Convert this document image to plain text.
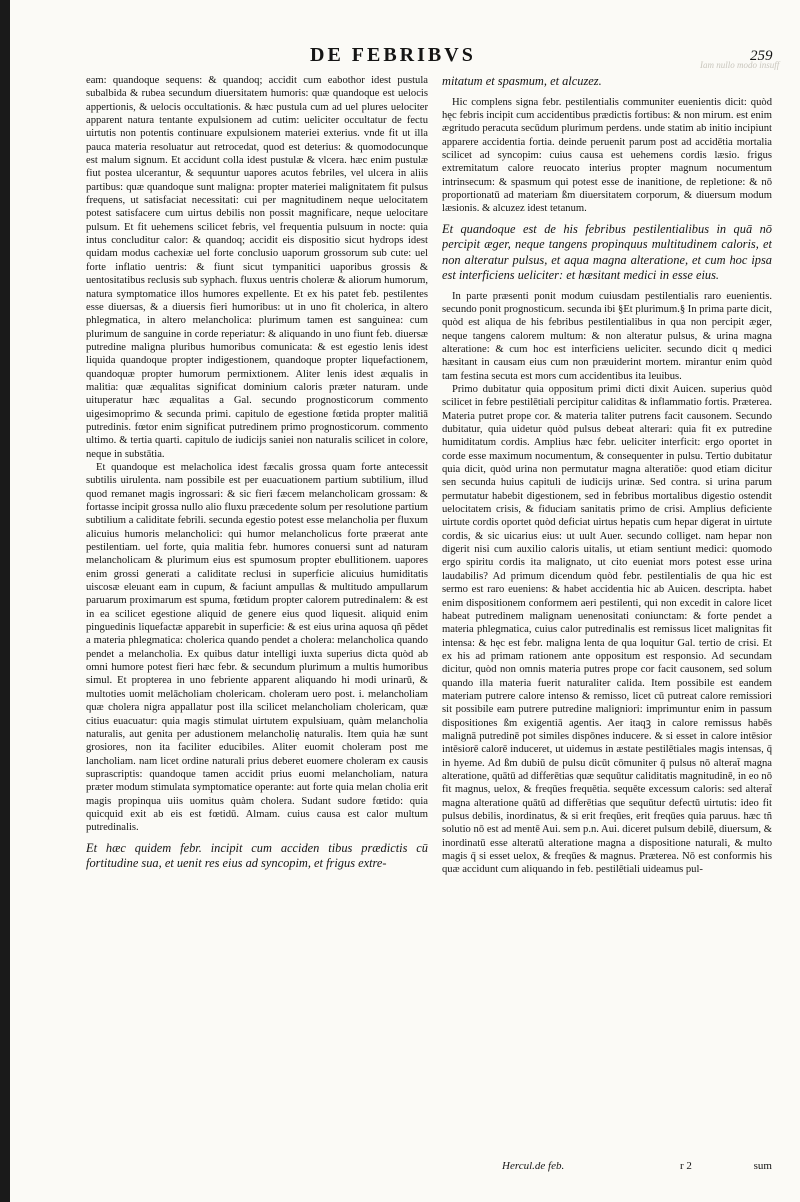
Iam nullo modo insuff
DE FEBRIBVS	259

eam: quandoque sequens: & quandoq; accidit cum eabothor idest pustula subalbida & rubea secundum diuersitatem humoris: quæ quandoque est uelocis appertionis, & uelocis occultationis. & hæc pustula cum ad uel plures uelociter apparent natura tentante expulsionem ad cutim: ueliciter occultatur de fectu uirtutis non potentis continuare expulsionem materiei exterius. vnde fit ut illa pauca materia resoluatur aut retrocedat, quod est deterius: & quomodocunque est malum signum. Et accidunt colla idest pustulæ & vlcera. hæc enim pustulæ fiut postea ulcerantur, & sequuntur uapores acutos febriles, vel ulcera in aliis partibus: quæ quandoque sunt maligna: propter materiei malignitatem fit pulsus frequens, ut satisfaciat necessitati: cui per magnitudinem neque uelocitatem potest satisfacere cum uirtus debilis non possit magnificare, neque uelocitare pulsum. Et fit uehemens scilicet febris, vel frequentia pulsuum in nocte: quia intus concluditur calor: & quandoq; accidit eis dispositio sicut hydrops idest quidam modus cachexiæ uel forte conclusio uaporum grossorum sub cute: uel forte inflatio uentris: & fiunt sicut tympanitici uaporibus grossis & uentositatibus reclusis sub syphach. fluxus uentris choleræ & aliorum humorum, natura symptomatice illos humores expellente. Et ex his patet feb. pestilentes esse diuersas, & a diuersis fieri humoribus: ut in uno fit cholerica, in altero phlegmatica, in altero melancholica: plurimum tamen est sanguinea: cum plurimum de sanguine in corde reperiatur: & aliquando in uno fiunt feb. diuersæ putredine maligna pluribus humoribus comunicata: & est egestio lenis idest liquida quandoque propter indigestionem, quandoque propter liquefactionem, quandoquæ propter humorum permixtionem. Aliter lenis idest æqualis in malitia: quæ æqualitas significat dominium caloris præter naturam. unde uituperatur hæc æqualitas a Gal. secundo prognosticorum commento uigesimoprimo & secunda primi. capitulo de egestione fœtida propter malitiā putredinis. fœtor enim significat putredinem primo prognosticorum. commento ultimo. & tertia quarti. capitulo de iudicijs saniei non naturalis scilicet in colore, neque in substātia.

Et quandoque est melacholica idest fæcalis grossa quam forte antecessit subtilis uirulenta. nam possibile est per euacuationem partium subtilium, illud quod remanet magis ingrossari: & sic fieri fæcem melancholicam grossam: & fortasse incipit grossa nullo alio fluxu præcedente solum per resolutione partium subtilium a caliditate febrili. secunda egestio potest esse melancholia per fluxum alicuius humoris melancholici: qui humor melancholicus forte præerat ante pestilentiam. uel forte, quia malitia febr. humores conuersi sunt ad naturam melancholicam & plurimum eius est spumosum propter ebullitionem. uapores enim grossi generati a caliditate reclusi in superficie alicuius humiditatis uiscosæ eleuant eam in cupum, & faciunt ampullas & multitudo ampullarum paruarum proximarum est spuma, fœtidum propter calorem putredinalem: & est in ea scilicet egestione aliquid de genere eius quod liquesit. aliquid enim pinguedinis liquefactæ apparebit in superficie: & est eius urina aquosa qñ pēdet a materia phlegmatica: cholerica quando pendet a cholera: melancholica quando pendet a melancholia. Ex quibus datur intelligi iuxta superius dicta quòd ab omni humore potest fieri hæc febr. & secundum plurimum a multis humoribus simul. Et propterea in uno febriente apparent aliquando hi modi urinarū, & multoties uomit melācholiam cholericam. choleram uero post. i. melancholiam quæ cholera nigra appallatur post illa scilicet melancholiam cholericam, quæ citius euacuatur: quia magis stimulat uirtutem expulsiuam, quàm melancholia naturalis, aut genita per adustionem melancholię naturalis. Item quia hæ sunt grosiores, non ita faciliter educibiles. Aliter euomit choleram post me lancholiam. nam licet ordine naturali prius deberet euomere choleram ex causis suprascriptis: quandoque tamen accidit prius euomi melancholiam, natura præter modum stimulata symptomatice operante: aut forte quia melan cholia erit magis propinqua uiis uomitus quàm cholera. Sudant sudore fœtido: quia quicquid exit ab eis est fœtidū. Almam. cuius causa est calor multum putredinalis.

Et hæc quidem febr. incipit cum acciden tibus prædictis cū fortitudine sua, et uenit res eius ad syncopim, et frigus extre-

mitatum et spasmum, et alcuzez.

Hic complens signa febr. pestilentialis communiter euenientis dicit: quòd hęc febris incipit cum accidentibus prædictis fortibus: & non mirum. est enim ægritudo peracuta secūdum plurimum perdens. unde statim ab initio incipiunt apparere accidentia fortia. deinde peruenit parum post ad accidētia mortalia scilicet ad syncopim: cuius causa est uehemens cordis læsio. frigus extremitatum calore reuocato interius propter magnum nocumentum intrinsecum: & spasmum qui potest esse de inanitione, de repletione: & nō proportionatū ad materiam ßm diuersitatem corporum, & diuersum modum læsionis. & alcuzez idest tetanum.

Et quandoque est de his febribus pestilentialibus in quā nō percipit æger, neque tangens propinquus multitudinem caloris, et non alteratur pulsus, et aqua magna alteratione, et cum hoc ipsa est interficiens ueliciter: et hæsitant medici in esse eius.

In parte præsenti ponit modum cuiusdam pestilentialis raro euenientis. secundo ponit prognosticum. secunda ibi §Et plurimum.§ In prima parte dicit, quòd est aliqua de his febribus pestilentialibus in qua non percipit æger, neque tangens calorem multum: & non alteratur pulsus, & urina magna alteratione: & cum hoc est interficiens ueliciter. secundo dicit q medici hæsitant in causam eius cum non præuiderint mortem. mirantur enim quòd tam festina secuta est mors cum accidentibus ita leuibus.

Primo dubitatur quia oppositum primi dicti dixit Auicen. superius quòd scilicet in febre pestilētiali percipitur caliditas & inflammatio fortis. Præterea. Materia putret prope cor. & materia taliter putrens facit causonem. Secundo dubitatur, quia uidetur quòd pulsus debeat alterari: quia fit ex putredine humiditatum cordis. Amplius hæc febr. ueliciter interficit: ergo oportet in corde esse maximum nocumentum, & consequenter in pulsu. Tertio dubitatur quia dicit, quòd urina non permutatur magna alteratiōe: quod etiam dicitur sen secunda huius capituli de iudicijs urinæ. Sed contra. si urina parum permutatur habebit digestionem, sed in febribus mortalibus digestio ostendit uelocitatem crisis, & fiduciam sanitatis primo de crisi. Amplius deficiente uirtute cordis oportet quòd deficiat uirtus hepatis cum hepar digerat in uirtute cordis, & sic uicarius eius: ut uult Auer. secundo colliget. nam hepar non digerit nisi cum auxilio caloris uitalis, ut etiam sentiunt medici: quomodo ergo spiritu cordis ita malignato, ut cito eueniat mors potest esse urina laudabilis? Ad primum dicendum quòd febr. pestilentialis de qua hic est sermo est raro eueniens: & habet accidentia hic ab Auicen. descripta. habet enim dispositionem conformem aeri pestilenti, qui non excedit in calore licet habeat putredinem malignam uenenositati coniunctam: & forte pendet a materia phlegmatica, cuius calor putredinalis est remissus licet malignitas fit intensa: & hęc est febr. maligna lenta de qua loquitur Gal. tertio de crisi. Et ex his ad primam rationem ante oppositum est responsio. Ad secundam dicitur, quòd non omnis materia putres prope cor facit causonem, sed solum quando illa materia fuerit naturaliter calida. Item possibile est eandem materiam putrere calore intenso & remisso, licet cū putreat calore remissiori sit possibile eam putrere putredine maligniori: imprimuntur enim in passum dispositiones ßm exigentiā agentis. Aer itaqꝫ in calore remissus habēs malignā putredinē pot similes dispōnes inducere. & si esset in calore intēsior intēsiorē calorē induceret, ut uidemus in æstate pestilētiales magis intensas, q̄ in hyeme. Ad ßm dubiū de pulsu dicūt cōmuniter q̄ pulsus nō alterat̄ magna alteratione, quātū ad differētias quæ sequūtur caliditatis magnitudinē, in eo nō fit magnus, uelox, & freqūes frequētia. sequēte excessum caloris: sed alterat̄ magna alteratione quātū ad differētias que sequūtur defectū uirtutis: ideo fit pulsus debilis, inordinatus, & si erit freqūes, erit freqūes quia paruus. hæc tñ solutio nō est ad mentē Aui. sem p.n. Aui. dicеret pulsum debilē, diuersum, & inordinatū esse alteratū alteratione magna a dispositione naturali, & multo magis q̄ si esset uelox, & freqūes & magnus. Præterea. Nō est conformis his quæ accidunt cum aliquando in feb. pestilētiali uideamus pul-

Hercul.de feb.	r 2	sum
